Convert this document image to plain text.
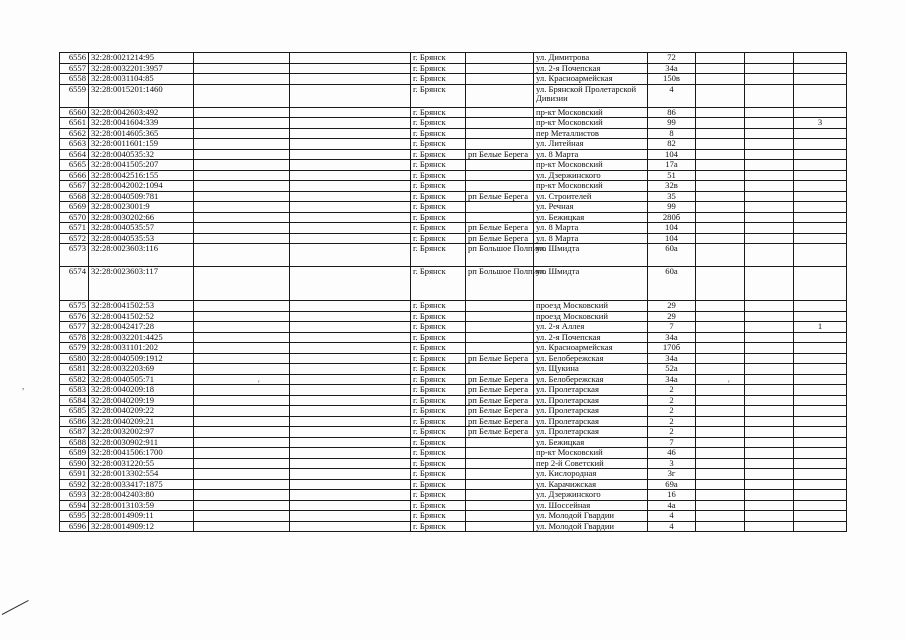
6556	32:28:0021214:95			г. Брянск		ул. Димитрова	72			
6557	32:28:0032201:3957			г. Брянск		ул. 2-я Почепская	34а			
6558	32:28:0031104:85			г. Брянск		ул. Красноармейская	150в			
6559	32:28:0015201:1460			г. Брянск		ул. Брянской Пролетарской Дивизии	4			
6560	32:28:0042603:492			г. Брянск		пр-кт Московский	86			
6561	32:28:0041604:339			г. Брянск		пр-кт Московский	99			3
6562	32:28:0014605:365			г. Брянск		пер Металлистов	8			
6563	32:28:0011601:159			г. Брянск		ул. Литейная	82			
6564	32:28:0040535:32			г. Брянск	рп Белые Берега	ул. 8 Марта	104			
6565	32:28:0041505:207			г. Брянск		пр-кт Московский	17а			
6566	32:28:0042516:155			г. Брянск		ул. Дзержинского	51			
6567	32:28:0042002:1094			г. Брянск		пр-кт Московский	32в			
6568	32:28:0040509:781			г. Брянск	рп Белые Берега	ул. Строителей	35			
6569	32:28:0023001:9			г. Брянск		ул. Речная	99			
6570	32:28:0030202:66			г. Брянск		ул. Бежицкая	280б			
6571	32:28:0040535:57			г. Брянск	рп Белые Берега	ул. 8 Марта	104			
6572	32:28:0040535:53			г. Брянск	рп Белые Берега	ул. 8 Марта	104			
6573	32:28:0023603:116			г. Брянск	рп Большое Полпино	ул. Шмидта	60а			
6574	32:28:0023603:117			г. Брянск	рп Большое Полпино	ул. Шмидта	60а			
6575	32:28:0041502:53			г. Брянск		проезд Московский	29			
6576	32:28:0041502:52			г. Брянск		проезд Московский	29			
6577	32:28:0042417:28			г. Брянск		ул. 2-я Аллея	7			1
6578	32:28:0032201:4425			г. Брянск		ул. 2-я Почепская	34а			
6579	32:28:0031101:202			г. Брянск		ул. Красноармейская	170б			
6580	32:28:0040509:1912			г. Брянск	рп Белые Берега	ул. Белобережская	34а			
6581	32:28:0032203:69			г. Брянск		ул. Щукина	52а			
6582	32:28:0040505:71			г. Брянск	рп Белые Берега	ул. Белобережская	34а			
6583	32:28:0040209:18			г. Брянск	рп Белые Берега	ул. Пролетарская	2			
6584	32:28:0040209:19			г. Брянск	рп Белые Берега	ул. Пролетарская	2			
6585	32:28:0040209:22			г. Брянск	рп Белые Берега	ул. Пролетарская	2			
6586	32:28:0040209:21			г. Брянск	рп Белые Берега	ул. Пролетарская	2			
6587	32:28:0032002:97			г. Брянск	рп Белые Берега	ул. Пролетарская	2			
6588	32:28:0030902:911			г. Брянск		ул. Бежицкая	7			
6589	32:28:0041506:1700			г. Брянск		пр-кт Московский	46			
6590	32:28:0031220:55			г. Брянск		пер 2-й Советский	3			
6591	32:28:0013302:554			г. Брянск		ул. Кислородная	3г			
6592	32:28:0033417:1875			г. Брянск		ул. Карачижская	69а			
6593	32:28:0042403:80			г. Брянск		ул. Дзержинского	16			
6594	32:28:0013103:59			г. Брянск		ул. Шоссейная	4а			
6595	32:28:0014909:11			г. Брянск		ул. Молодой Гвардии	4			
6596	32:28:0014909:12			г. Брянск		ул. Молодой Гвардии	4			
,	'	'
